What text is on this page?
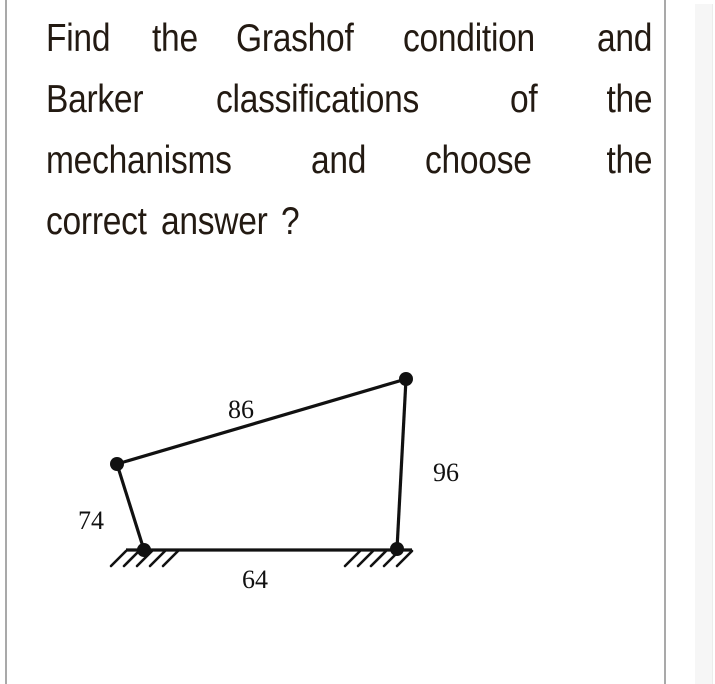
Find the Grashof condition and
Barker classifications of the
mechanisms and choose the
correct answer ?
86
96
74
64
